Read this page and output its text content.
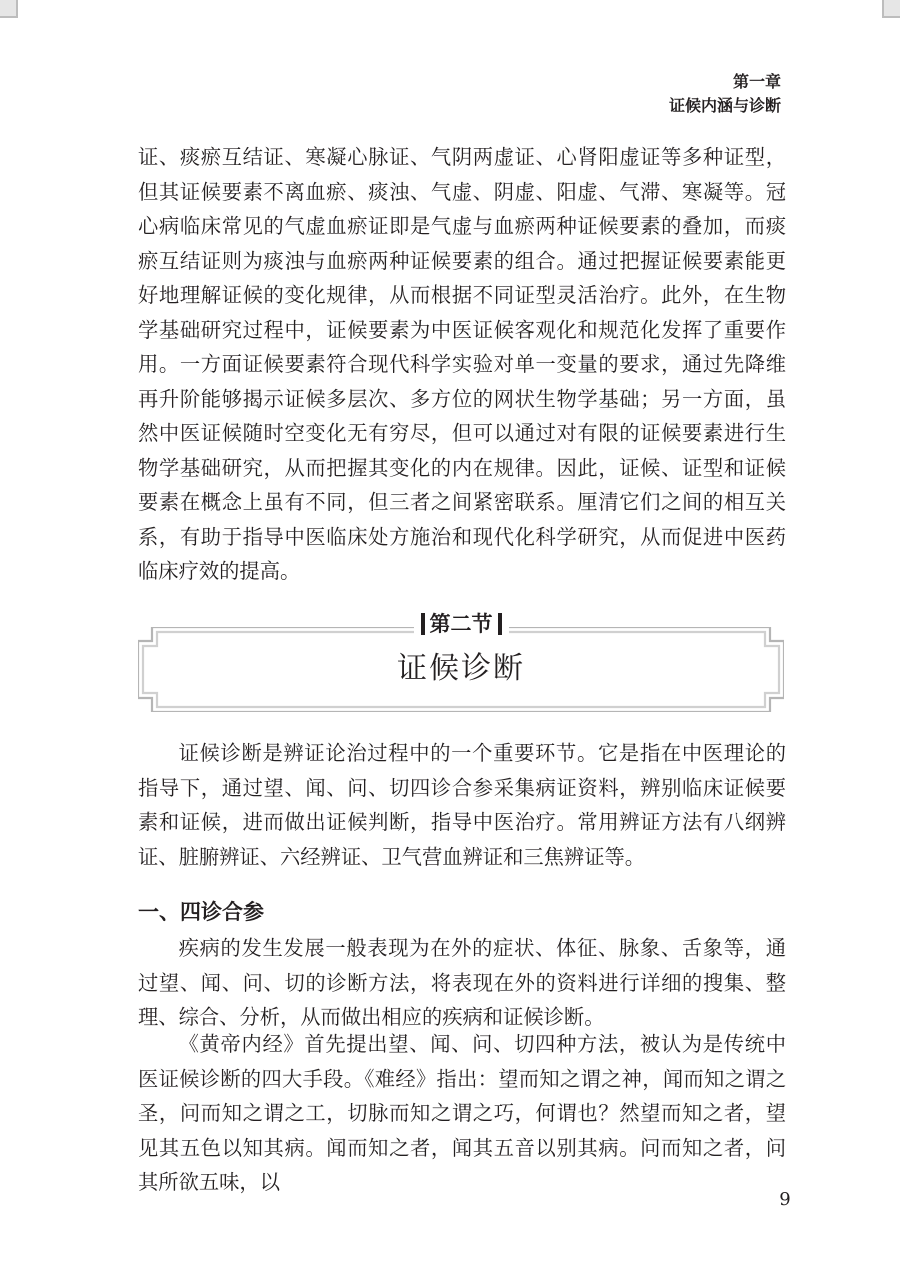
第一章
证候内涵与诊断

证、痰瘀互结证、寒凝心脉证、气阴两虚证、心肾阳虚证等多种证型，但其证候要素不离血瘀、痰浊、气虚、阴虚、阳虚、气滞、寒凝等。冠心病临床常见的气虚血瘀证即是气虚与血瘀两种证候要素的叠加，而痰瘀互结证则为痰浊与血瘀两种证候要素的组合。通过把握证候要素能更好地理解证候的变化规律，从而根据不同证型灵活治疗。此外，在生物学基础研究过程中，证候要素为中医证候客观化和规范化发挥了重要作用。一方面证候要素符合现代科学实验对单一变量的要求，通过先降维再升阶能够揭示证候多层次、多方位的网状生物学基础；另一方面，虽然中医证候随时空变化无有穷尽，但可以通过对有限的证候要素进行生物学基础研究，从而把握其变化的内在规律。因此，证候、证型和证候要素在概念上虽有不同，但三者之间紧密联系。厘清它们之间的相互关系，有助于指导中医临床处方施治和现代化科学研究，从而促进中医药临床疗效的提高。

第二节
证候诊断

证候诊断是辨证论治过程中的一个重要环节。它是指在中医理论的指导下，通过望、闻、问、切四诊合参采集病证资料，辨别临床证候要素和证候，进而做出证候判断，指导中医治疗。常用辨证方法有八纲辨证、脏腑辨证、六经辨证、卫气营血辨证和三焦辨证等。

一、四诊合参

疾病的发生发展一般表现为在外的症状、体征、脉象、舌象等，通过望、闻、问、切的诊断方法，将表现在外的资料进行详细的搜集、整理、综合、分析，从而做出相应的疾病和证候诊断。

《黄帝内经》首先提出望、闻、问、切四种方法，被认为是传统中医证候诊断的四大手段。《难经》指出：望而知之谓之神，闻而知之谓之圣，问而知之谓之工，切脉而知之谓之巧，何谓也？然望而知之者，望见其五色以知其病。闻而知之者，闻其五音以别其病。问而知之者，问其所欲五味，以

9
